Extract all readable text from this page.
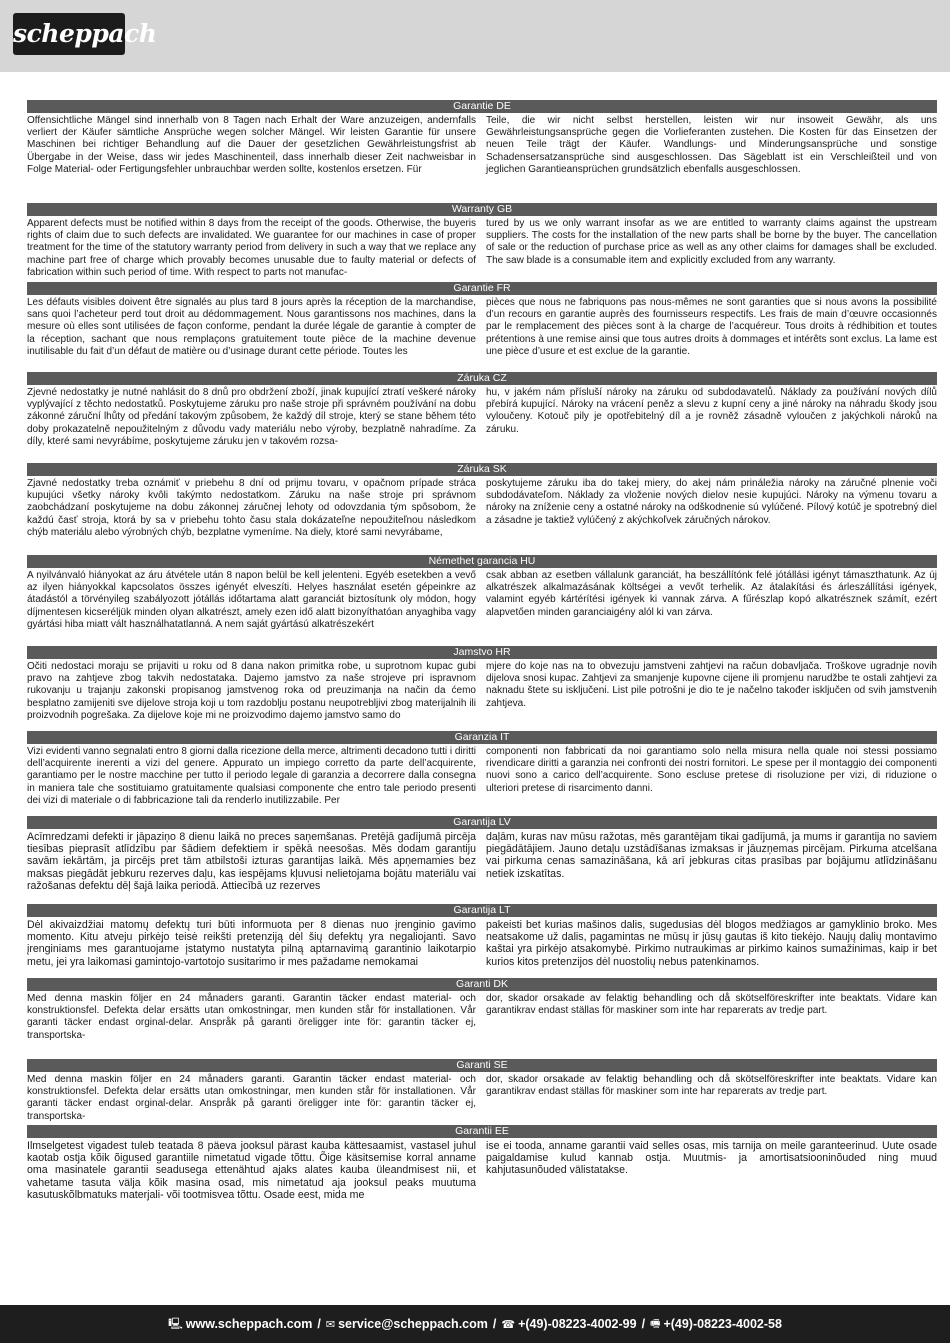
scheppach
Garantie DE
Offensichtliche Mängel sind innerhalb von 8 Tagen nach Erhalt der Ware anzuzeigen, andernfalls verliert der Käufer sämtliche Ansprüche wegen solcher Mängel. Wir leisten Garantie für unsere Maschinen bei richtiger Behandlung auf die Dauer der gesetzlichen Gewährleistungsfrist ab Übergabe in der Weise, dass wir jedes Maschinenteil, dass innerhalb dieser Zeit nachweisbar in Folge Material- oder Fertigungsfehler unbrauchbar werden sollte, kostenlos ersetzen. Für
Teile, die wir nicht selbst herstellen, leisten wir nur insoweit Gewähr, als uns Gewährleistungsansprüche gegen die Vorlieferanten zustehen. Die Kosten für das Einsetzen der neuen Teile trägt der Käufer. Wandlungs- und Minderungsansprüche und sonstige Schadensersatzansprüche sind ausgeschlossen. Das Sägeblatt ist ein Verschleißteil und von jeglichen Garantieansprüchen grundsätzlich ebenfalls ausgeschlossen.
Warranty GB
Apparent defects must be notified within 8 days from the receipt of the goods. Otherwise, the buyeris rights of claim due to such defects are invalidated. We guarantee for our machines in case of proper treatment for the time of the statutory warranty period from delivery in such a way that we replace any machine part free of charge which provably becomes unusable due to faulty material or defects of fabrication within such period of time. With respect to parts not manufac-
tured by us we only warrant insofar as we are entitled to warranty claims against the upstream suppliers. The costs for the installation of the new parts shall be borne by the buyer. The cancellation of sale or the reduction of purchase price as well as any other claims for damages shall be excluded. The saw blade is a consumable item and explicitly excluded from any warranty.
Garantie FR
Les défauts visibles doivent être signalés au plus tard 8 jours après la réception de la marchandise, sans quoi l’acheteur perd tout droit au dédommagement. Nous garantissons nos machines, dans la mesure où elles sont utilisées de façon conforme, pendant la durée légale de garantie à compter de la réception, sachant que nous remplaçons gratuitement toute pièce de la machine devenue inutilisable du fait d’un défaut de matière ou d’usinage durant cette période. Toutes les
pièces que nous ne fabriquons pas nous-mêmes ne sont garanties que si nous avons la possibilité d’un recours en garantie auprès des fournisseurs respectifs. Les frais de main d’œuvre occasionnés par le remplacement des pièces sont à la charge de l’acquéreur. Tous droits à rédhibition et toutes prétentions à une remise ainsi que tous autres droits à dommages et intérêts sont exclus. La lame est une pièce d’usure et est exclue de la garantie.
Záruka CZ
Zjevné nedostatky je nutné nahlásit do 8 dnů pro obdržení zboží, jinak kupující ztratí veškeré nároky vyplývající z těchto nedostatků. Poskytujeme záruku pro naše stroje při správném používání na dobu zákonné záruční lhůty od předání takovým způsobem, že každý díl stroje, který se stane během této doby prokazatelně nepoužitelným z důvodu vady materiálu nebo výroby, bezplatně nahradíme. Za díly, které sami nevyrábíme, poskytujeme záruku jen v takovém rozsa-
hu, v jakém nám přísluší nároky na záruku od subdodavatelů. Náklady za používání nových dílů přebírá kupující. Nároky na vrácení peněz a slevu z kupní ceny a jiné nároky na náhradu škody jsou vyloučeny. Kotouč pily je opotřebitelný díl a je rovněž zásadně vyloučen z jakýchkoli nároků na záruku.
Záruka SK
Zjavné nedostatky treba oznámiť v priebehu 8 dní od prijmu tovaru, v opačnom prípade stráca kupujúci všetky nároky kvôli takýmto nedostatkom. Záruku na naše stroje pri správnom zaobchádzaní poskytujeme na dobu zákonnej záručnej lehoty od odovzdania tým spôsobom, že každú časť stroja, ktorá by sa v priebehu tohto času stala dokázateľne nepoužiteľnou následkom chýb materiálu alebo výrobných chýb, bezplatne vymeníme. Na diely, ktoré sami nevyrábame,
poskytujeme záruku iba do takej miery, do akej nám prináležia nároky na záručné plnenie voči subdodávateľom. Náklady za vloženie nových dielov nesie kupujúci. Nároky na výmenu tovaru a nároky na zníženie ceny a ostatné nároky na odškodnenie sú vylúčené. Pílový kotúč je spotrebný diel a zásadne je taktiež vylúčený z akýchkoľvek záručných nárokov.
Némethet garancia HU
A nyilvánvaló hiányokat az áru átvétele után 8 napon belül be kell jelenteni. Egyéb esetekben a vevő az ilyen hiányokkal kapcsolatos összes igényét elveszíti. Helyes használat esetén gépeinkre az átadástól a törvényileg szabályozott jótállás időtartama alatt garanciát biztosítunk oly módon, hogy díjmentesen kicseréljük minden olyan alkatrészt, amely ezen idő alatt bizonyíthatóan anyaghiba vagy gyártási hiba miatt vált használhatatlanná. A nem saját gyártású alkatrészekért
csak abban az esetben vállalunk garanciát, ha beszállítónk felé jótállási igényt támaszthatunk. Az új alkatrészek alkalmazásának költségei a vevőt terhelik. Az átalakítási és árleszállítási igények, valamint egyéb kártérítési igények ki vannak zárva. A fűrészlap kopó alkatrésznek számít, ezért alapvetően minden garanciaigény alól ki van zárva.
Jamstvo HR
Očiti nedostaci moraju se prijaviti u roku od 8 dana nakon primitka robe, u suprotnom kupac gubi pravo na zahtjeve zbog takvih nedostataka. Dajemo jamstvo za naše strojeve pri ispravnom rukovanju u trajanju zakonski propisanog jamstvenog roka od preuzimanja na način da ćemo besplatno zamijeniti sve dijelove stroja koji u tom razdoblju postanu neupotrebljivi zbog materijalnih ili proizvodnih pogrešaka. Za dijelove koje mi ne proizvodimo dajemo jamstvo samo do
mjere do koje nas na to obvezuju jamstveni zahtjevi na račun dobavljača. Troškove ugradnje novih dijelova snosi kupac. Zahtjevi za smanjenje kupovne cijene ili promjenu narudžbe te ostali zahtjevi za naknadu štete su isključeni. List pile potrošni je dio te je načelno također isključen od svih jamstvenih zahtjeva.
Garanzia IT
Vizi evidenti vanno segnalati entro 8 giorni dalla ricezione della merce, altrimenti decadono tutti i diritti dell’acquirente inerenti a vizi del genere. Appurato un impiego corretto da parte dell’acquirente, garantiamo per le nostre macchine per tutto il periodo legale di garanzia a decorrere dalla consegna in maniera tale che sostituiamo gratuitamente qualsiasi componente che entro tale periodo presenti dei vizi di materiale o di fabbricazione tali da renderlo inutilizzabile. Per
componenti non fabbricati da noi garantiamo solo nella misura nella quale noi stessi possiamo rivendicare diritti a garanzia nei confronti dei nostri fornitori. Le spese per il montaggio dei componenti nuovi sono a carico dell’acquirente. Sono escluse pretese di risoluzione per vizi, di riduzione o ulteriori pretese di risarcimento danni.
Garantija LV
Acīmredzami defekti ir jāpaziņo 8 dienu laikā no preces saņemšanas. Pretējā gadījumā pircēja tiesības pieprasīt atlīdzību par šādiem defektiem ir spēkā neesošas. Mēs dodam garantiju savām iekārtām, ja pircējs pret tām atbilstoši izturas garantijas laikā. Mēs apņemamies bez maksas piegādāt jebkuru rezerves daļu, kas iespējams kļuvusi nelietojama bojātu materiālu vai ražošanas defektu dēļ šajā laika periodā. Attiecībā uz rezerves
daļām, kuras nav mūsu ražotas, mēs garantējam tikai gadījumā, ja mums ir garantija no saviem piegādātājiem. Jauno detaļu uzstādīšanas izmaksas ir jāuzņemas pircējam. Pirkuma atcelšana vai pirkuma cenas samazināšana, kā arī jebkuras citas prasības par bojājumu atlīdzināšanu netiek izskatītas.
Garantija LT
Dėl akivaizdžiai matomų defektų turi būti informuota per 8 dienas nuo įrenginio gavimo momento. Kitu atveju pirkėjo teisė reikšti pretenziją dėl šių defektų yra negaliojanti. Savo įrenginiams mes garantuojame įstatymo nustatyta pilną aptarnavimą garantinio laikotarpio metu, jei yra laikomasi gamintojo-vartotojo susitarimo ir mes pažadame nemokamai
pakeisti bet kurias mašinos dalis, sugedusias dėl blogos medžiagos ar gamyklinio broko. Mes neatsakome už dalis, pagamintas ne mūsų ir jūsų gautas iš kito tiekėjo. Naujų dalių montavimo kaštai yra pirkėjo atsakomybė. Pirkimo nutraukimas ar pirkimo kainos sumažinimas, kaip ir bet kurios kitos pretenzijos dėl nuostolių nebus patenkinamos.
Garanti DK
Med denna maskin följer en 24 månaders garanti. Garantin täcker endast material- och konstruktionsfel. Defekta delar ersätts utan omkostningar, men kunden står för installationen. Vår garanti täcker endast orginal-delar. Anspråk på garanti öreligger inte för: garantin täcker ej, transportska-
dor, skador orsakade av felaktig behandling och då skötselföreskrifter inte beaktats. Vidare kan garantikrav endast ställas för maskiner som inte har reparerats av tredje part.
Garanti SE
Med denna maskin följer en 24 månaders garanti. Garantin täcker endast material- och konstruktionsfel. Defekta delar ersätts utan omkostningar, men kunden står för installationen. Vår garanti täcker endast orginal-delar. Anspråk på garanti öreligger inte för: garantin täcker ej, transportska-
dor, skador orsakade av felaktig behandling och då skötselföreskrifter inte beaktats. Vidare kan garantikrav endast ställas för maskiner som inte har reparerats av tredje part.
Garantii EE
Ilmselgetest vigadest tuleb teatada 8 päeva jooksul pärast kauba kättesaamist, vastasel juhul kaotab ostja kõik õigused garantiile nimetatud vigade tõttu. Õige käsitsemise korral anname oma masinatele garantii seadusega ettenähtud ajaks alates kauba üleandmisest nii, et vahetame tasuta välja kõik masina osad, mis nimetatud aja jooksul peaks muutuma kasutuskõlbmatuks materjali- või tootmisvea tõttu. Osade eest, mida me
ise ei tooda, anname garantii vaid selles osas, mis tarnija on meile garanteerinud. Uute osade paigaldamise kulud kannab ostja. Muutmis- ja amortisatsiooninõuded ning muud kahjutasunõuded välistatakse.
🖳 www.scheppach.com / ✉ service@scheppach.com / ☎ +(49)-08223-4002-99 / 🖷 +(49)-08223-4002-58
